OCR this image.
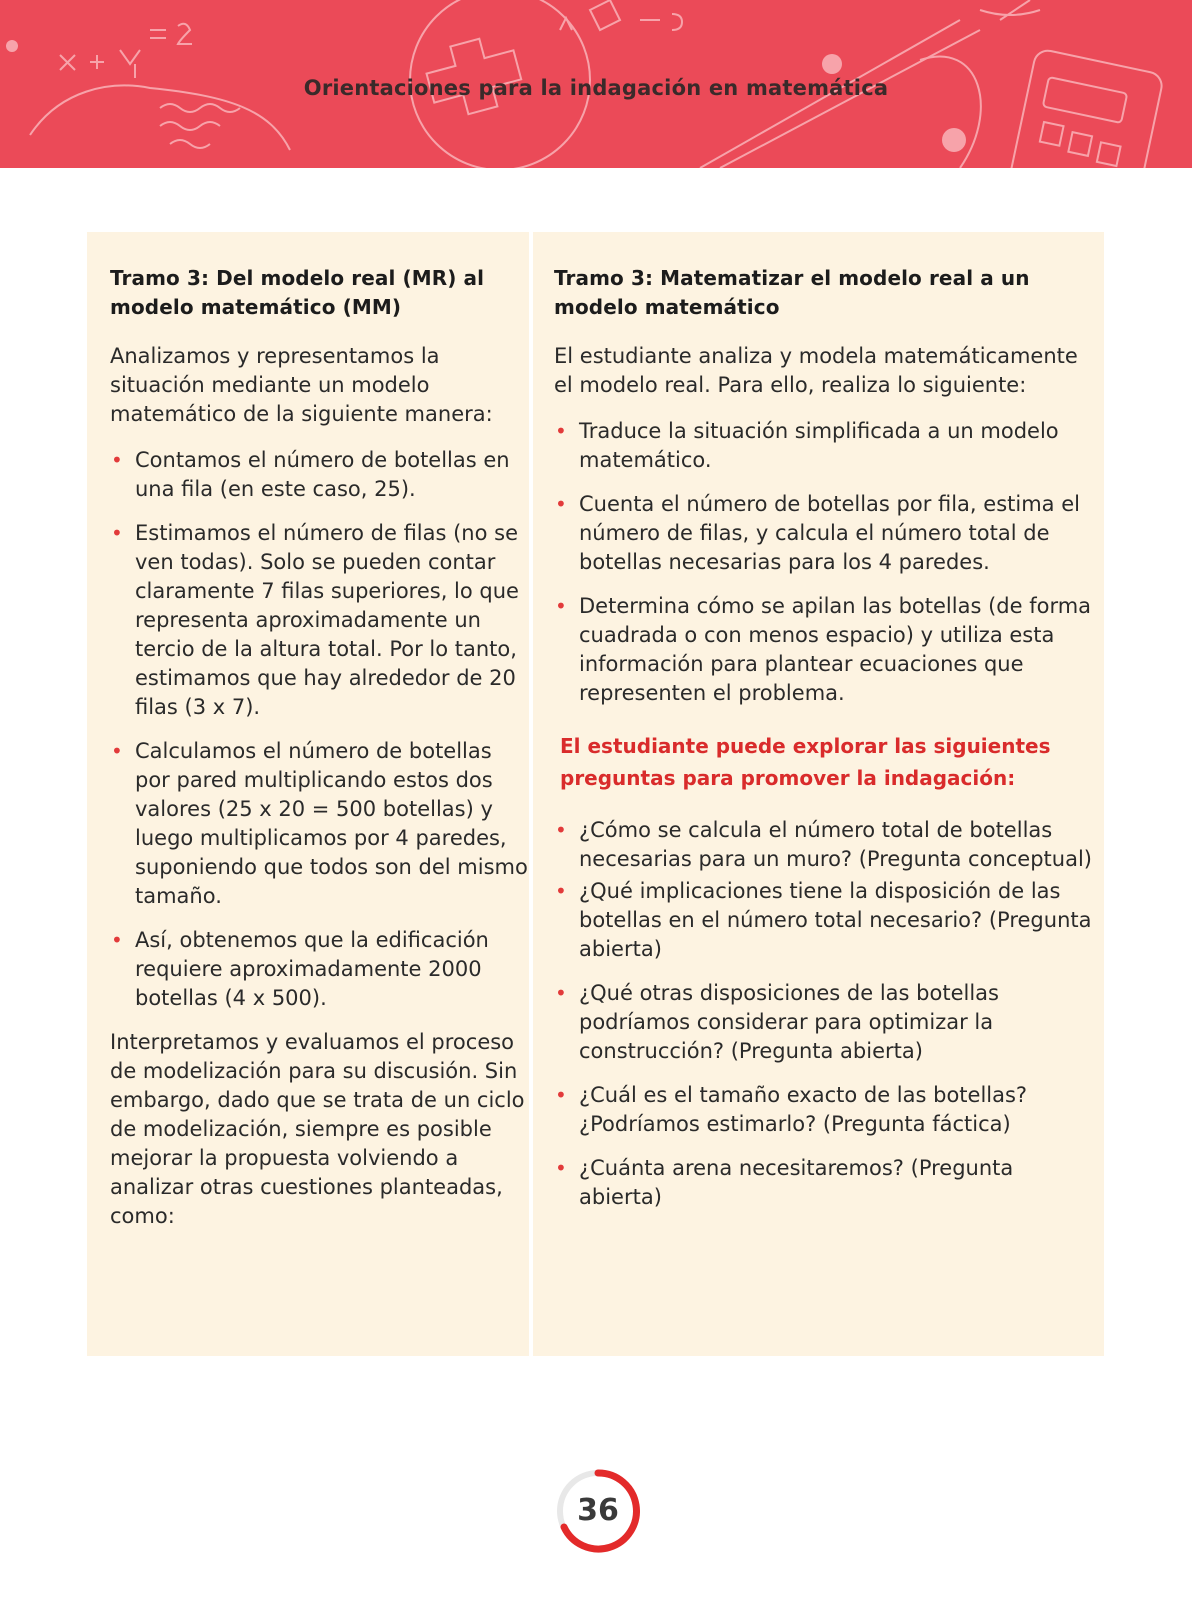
Orientaciones para la indagación en matemática
Tramo 3: Del modelo real (MR) al modelo matemático (MM)

Analizamos y representamos la situación mediante un modelo matemático de la siguiente manera:

• Contamos el número de botellas en una fila (en este caso, 25).
• Estimamos el número de filas (no se ven todas). Solo se pueden contar claramente 7 filas superiores, lo que representa aproximadamente un tercio de la altura total. Por lo tanto, estimamos que hay alrededor de 20 filas (3 x 7).
• Calculamos el número de botellas por pared multiplicando estos dos valores (25 x 20 = 500 botellas) y luego multiplicamos por 4 paredes, suponiendo que todos son del mismo tamaño.
• Así, obtenemos que la edificación requiere aproximadamente 2000 botellas (4 x 500).

Interpretamos y evaluamos el proceso de modelización para su discusión. Sin embargo, dado que se trata de un ciclo de modelización, siempre es posible mejorar la propuesta volviendo a analizar otras cuestiones planteadas, como:

Tramo 3: Matematizar el modelo real a un modelo matemático

El estudiante analiza y modela matemáticamente el modelo real. Para ello, realiza lo siguiente:

• Traduce la situación simplificada a un modelo matemático.
• Cuenta el número de botellas por fila, estima el número de filas, y calcula el número total de botellas necesarias para los 4 paredes.
• Determina cómo se apilan las botellas (de forma cuadrada o con menos espacio) y utiliza esta información para plantear ecuaciones que representen el problema.
El estudiante puede explorar las siguientes preguntas para promover la indagación:
• ¿Cómo se calcula el número total de botellas necesarias para un muro? (Pregunta conceptual)
• ¿Qué implicaciones tiene la disposición de las botellas en el número total necesario? (Pregunta abierta)
• ¿Qué otras disposiciones de las botellas podríamos considerar para optimizar la construcción? (Pregunta abierta)
• ¿Cuál es el tamaño exacto de las botellas? ¿Podríamos estimarlo? (Pregunta fáctica)
• ¿Cuánta arena necesitaremos? (Pregunta abierta)
36
